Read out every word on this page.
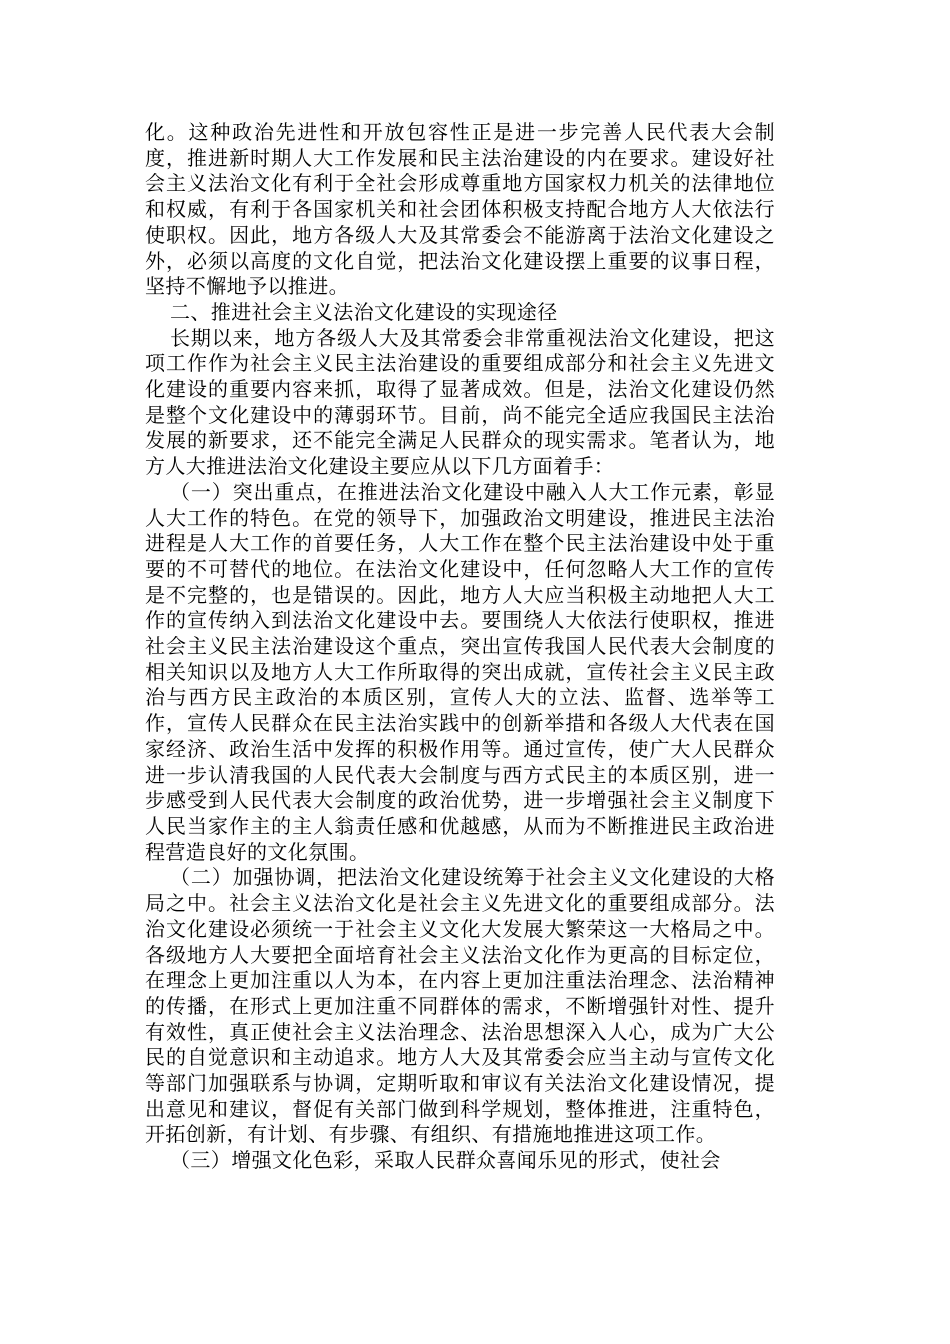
化。这种政治先进性和开放包容性正是进一步完善人民代表大会制度，推进新时期人大工作发展和民主法治建设的内在要求。建设好社会主义法治文化有利于全社会形成尊重地方国家权力机关的法律地位和权威，有利于各国家机关和社会团体积极支持配合地方人大依法行使职权。因此，地方各级人大及其常委会不能游离于法治文化建设之外，必须以高度的文化自觉，把法治文化建设摆上重要的议事日程，坚持不懈地予以推进。

二、推进社会主义法治文化建设的实现途径

长期以来，地方各级人大及其常委会非常重视法治文化建设，把这项工作作为社会主义民主法治建设的重要组成部分和社会主义先进文化建设的重要内容来抓，取得了显著成效。但是，法治文化建设仍然是整个文化建设中的薄弱环节。目前，尚不能完全适应我国民主法治发展的新要求，还不能完全满足人民群众的现实需求。笔者认为，地方人大推进法治文化建设主要应从以下几方面着手：

（一）突出重点，在推进法治文化建设中融入人大工作元素，彰显人大工作的特色。在党的领导下，加强政治文明建设，推进民主法治进程是人大工作的首要任务，人大工作在整个民主法治建设中处于重要的不可替代的地位。在法治文化建设中，任何忽略人大工作的宣传是不完整的，也是错误的。因此，地方人大应当积极主动地把人大工作的宣传纳入到法治文化建设中去。要围绕人大依法行使职权，推进社会主义民主法治建设这个重点，突出宣传我国人民代表大会制度的相关知识以及地方人大工作所取得的突出成就，宣传社会主义民主政治与西方民主政治的本质区别，宣传人大的立法、监督、选举等工作，宣传人民群众在民主法治实践中的创新举措和各级人大代表在国家经济、政治生活中发挥的积极作用等。通过宣传，使广大人民群众进一步认清我国的人民代表大会制度与西方式民主的本质区别，进一步感受到人民代表大会制度的政治优势，进一步增强社会主义制度下人民当家作主的主人翁责任感和优越感，从而为不断推进民主政治进程营造良好的文化氛围。

（二）加强协调，把法治文化建设统筹于社会主义文化建设的大格局之中。社会主义法治文化是社会主义先进文化的重要组成部分。法治文化建设必须统一于社会主义文化大发展大繁荣这一大格局之中。各级地方人大要把全面培育社会主义法治文化作为更高的目标定位，在理念上更加注重以人为本，在内容上更加注重法治理念、法治精神的传播，在形式上更加注重不同群体的需求，不断增强针对性、提升有效性，真正使社会主义法治理念、法治思想深入人心，成为广大公民的自觉意识和主动追求。地方人大及其常委会应当主动与宣传文化等部门加强联系与协调，定期听取和审议有关法治文化建设情况，提出意见和建议，督促有关部门做到科学规划，整体推进，注重特色，开拓创新，有计划、有步骤、有组织、有措施地推进这项工作。

（三）增强文化色彩，采取人民群众喜闻乐见的形式，使社会
